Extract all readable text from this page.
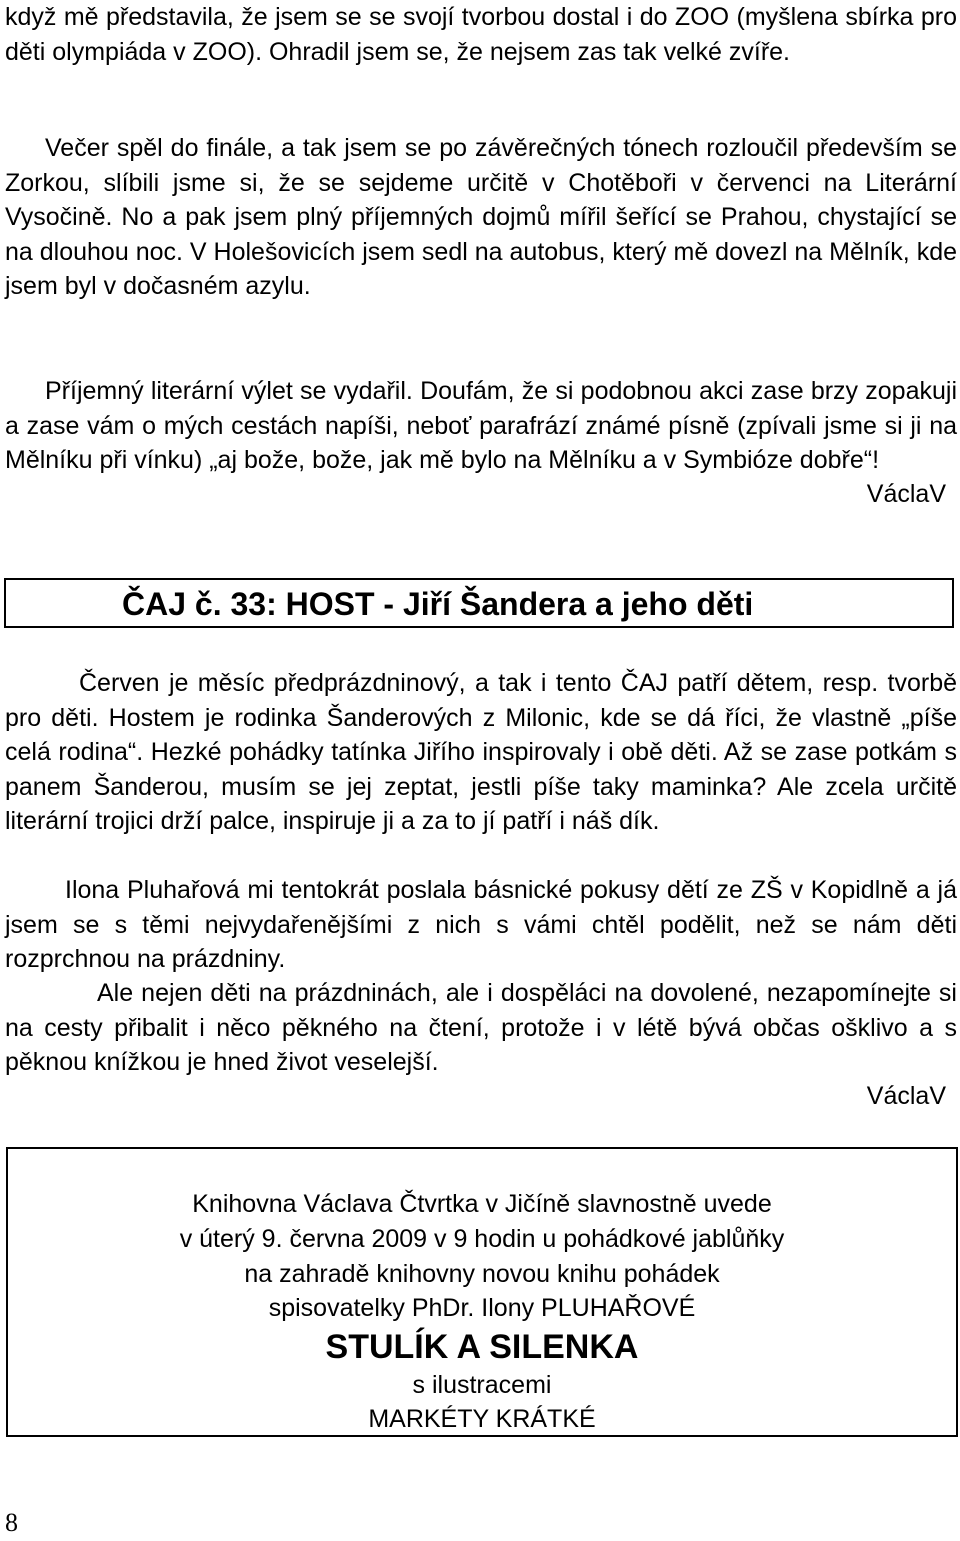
když mě představila, že jsem se se svojí tvorbou dostal i do ZOO (myšlena sbírka pro děti olympiáda v ZOO). Ohradil jsem se, že nejsem zas tak velké zvíře.

Večer spěl do finále, a tak jsem se po závěrečných tónech rozloučil především se Zorkou, slíbili jsme si, že se sejdeme určitě v Chotěboři v červenci na Literární Vysočině. No a pak jsem plný příjemných dojmů mířil šeřící se Prahou, chystající se na dlouhou noc. V Holešovicích jsem sedl na autobus, který mě dovezl na Mělník, kde jsem byl v dočasném azylu.

Příjemný literární výlet se vydařil. Doufám, že si podobnou akci zase brzy zopakuji a zase vám o mých cestách napíši, neboť parafrází známé písně (zpívali jsme si ji na Mělníku při vínku) „aj bože, bože, jak mě bylo na Mělníku a v Symbióze dobře“!

VáclaV

ČAJ č. 33: HOST - Jiří Šandera a jeho děti

Červen je měsíc předprázdninový, a tak i tento ČAJ patří dětem, resp. tvorbě pro děti. Hostem je rodinka Šanderových z Milonic, kde se dá říci, že vlastně „píše celá rodina“. Hezké pohádky tatínka Jiřího inspirovaly i obě děti. Až se zase potkám s panem Šanderou, musím se jej zeptat, jestli píše taky maminka? Ale zcela určitě literární trojici drží palce, inspiruje ji a za to jí patří i náš dík.

Ilona Pluhařová mi tentokrát poslala básnické pokusy dětí ze ZŠ v Kopidlně a já jsem se s těmi nejvydařenějšími z nich s vámi chtěl podělit, než se nám děti rozprchnou na prázdniny.

Ale nejen děti na prázdninách, ale i dospěláci na dovolené, nezapomínejte si na cesty přibalit i něco pěkného na čtení, protože i v létě bývá občas ošklivo a s pěknou knížkou je hned život veselejší.

VáclaV

Knihovna Václava Čtvrtka v Jičíně slavnostně uvede

v úterý 9. června 2009 v 9 hodin u pohádkové jablůňky

na zahradě knihovny novou knihu pohádek

spisovatelky PhDr. Ilony PLUHAŘOVÉ

STULÍK A SILENKA

s ilustracemi

MARKÉTY KRÁTKÉ

8
